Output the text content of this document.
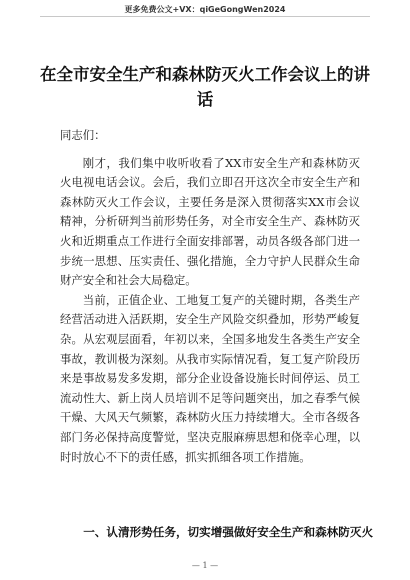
更多免费公文+VX：qiGeGongWen2024
在全市安全生产和森林防灭火工作会议上的讲话

同志们：

刚才，我们集中收听收看了XX市安全生产和森林防灭火电视电话会议。会后，我们立即召开这次全市安全生产和森林防灭火工作会议，主要任务是深入贯彻落实XX市会议精神，分析研判当前形势任务，对全市安全生产、森林防灭火和近期重点工作进行全面安排部署，动员各级各部门进一步统一思想、压实责任、强化措施，全力守护人民群众生命财产安全和社会大局稳定。

当前，正值企业、工地复工复产的关键时期，各类生产经营活动进入活跃期，安全生产风险交织叠加，形势严峻复杂。从宏观层面看，年初以来，全国多地发生各类生产安全事故，教训极为深刻。从我市实际情况看，复工复产阶段历来是事故易发多发期，部分企业设备设施长时间停运、员工流动性大、新上岗人员培训不足等问题突出，加之春季气候干燥、大风天气频繁，森林防火压力持续增大。全市各级各部门务必保持高度警觉，坚决克服麻痹思想和侥幸心理，以时时放心不下的责任感，抓实抓细各项工作措施。

一、认清形势任务，切实增强做好安全生产和森林防灭火
— 1 —
